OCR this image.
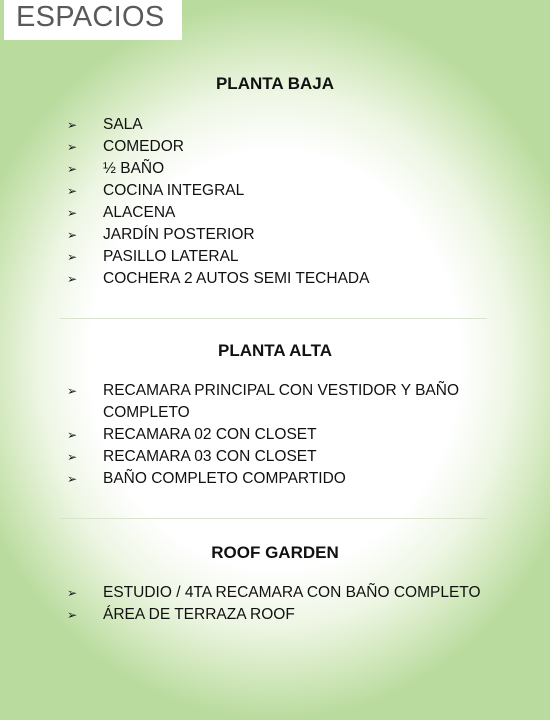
ESPACIOS
PLANTA BAJA
➢ SALA
➢ COMEDOR
➢ ½ BAÑO
➢ COCINA INTEGRAL
➢ ALACENA
➢ JARDÍN POSTERIOR
➢ PASILLO LATERAL
➢ COCHERA 2 AUTOS SEMI TECHADA
PLANTA ALTA
➢ RECAMARA PRINCIPAL CON VESTIDOR Y BAÑO COMPLETO
➢ RECAMARA 02 CON CLOSET
➢ RECAMARA 03 CON CLOSET
➢ BAÑO COMPLETO COMPARTIDO
ROOF GARDEN
➢ ESTUDIO / 4TA RECAMARA CON BAÑO COMPLETO
➢ ÁREA DE TERRAZA ROOF
